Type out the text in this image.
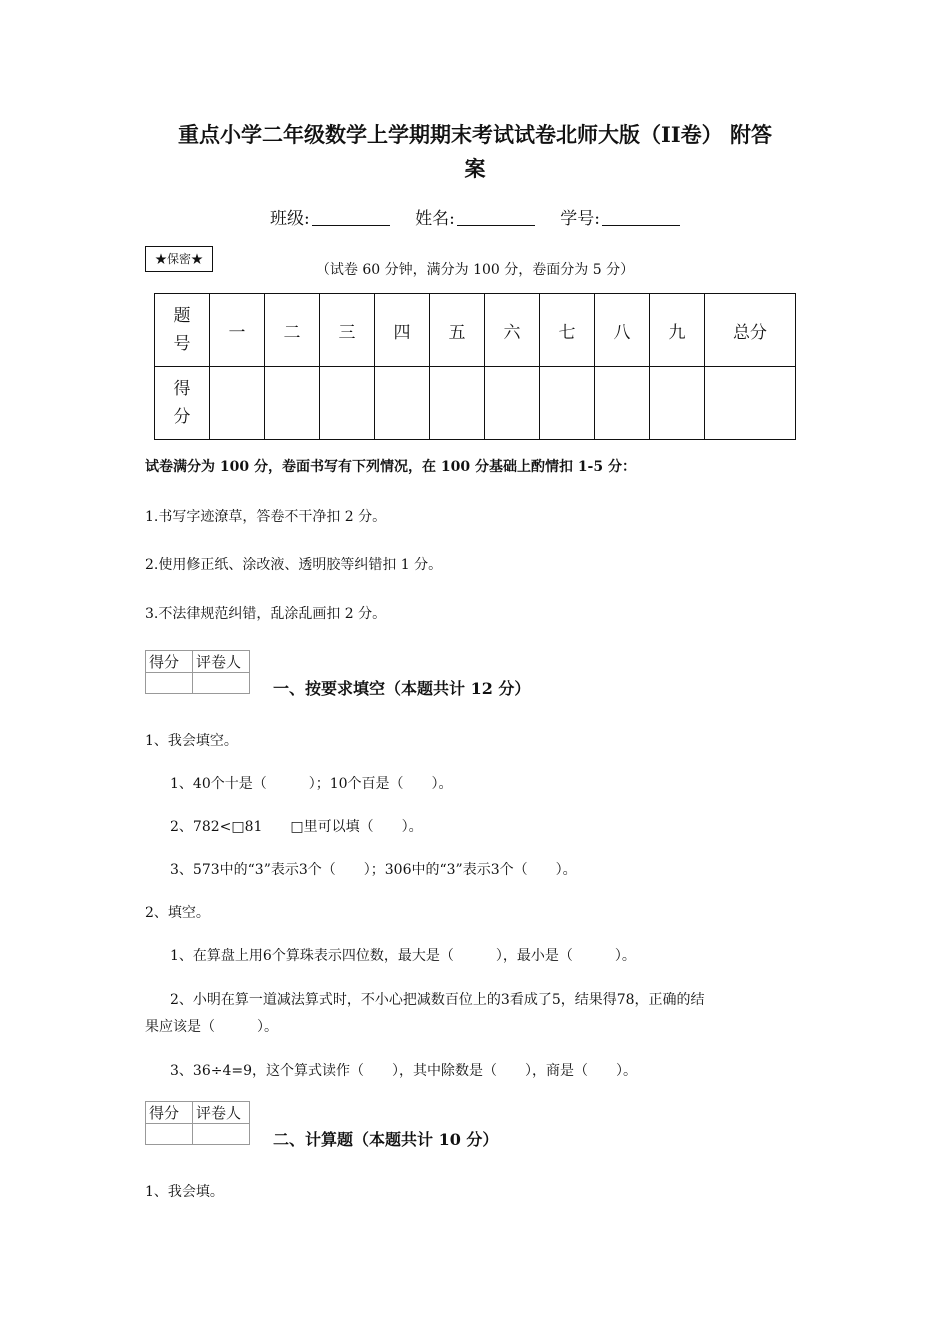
重点小学二年级数学上学期期末考试试卷北师大版（II卷） 附答
案
班级:	姓名:	学号:
★保密★
（试卷 60 分钟，满分为 100 分，卷面分为 5 分）
题
号	一	二	三	四	五	六	七	八	九	总分

得
分										

试卷满分为 100 分，卷面书写有下列情况，在 100 分基础上酌情扣 1-5 分：
1.书写字迹潦草，答卷不干净扣 2 分。
2.使用修正纸、涂改液、透明胶等纠错扣 1 分。
3.不法律规范纠错，乱涂乱画扣 2 分。
得分	评卷人

一、按要求填空（本题共计 12 分）
1、我会填空。
1、40个十是（　　　）；10个百是（　　）。
2、782<□81　　□里可以填（　　）。
3、573中的“3”表示3个（　　）；306中的“3”表示3个（　　）。
2、填空。
1、在算盘上用6个算珠表示四位数，最大是（　　　），最小是（　　　）。
2、小明在算一道减法算式时，不小心把减数百位上的3看成了5，结果得78，正确的结
果应该是（　　　）。
3、36÷4=9，这个算式读作（　　），其中除数是（　　），商是（　　）。
得分	评卷人

二、计算题（本题共计 10 分）
1、我会填。
